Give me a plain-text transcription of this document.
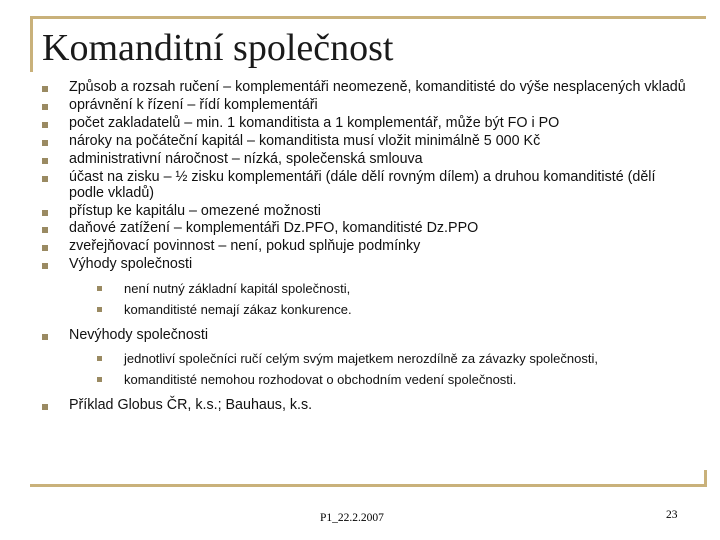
Komanditní společnost
Způsob a rozsah ručení – komplementáři neomezeně, komanditisté do výše nesplacených vkladů
oprávnění k řízení – řídí komplementáři
počet zakladatelů – min. 1 komanditista a 1 komplementář, může být FO i PO
nároky na počáteční kapitál – komanditista musí vložit minimálně 5 000 Kč
administrativní náročnost – nízká, společenská smlouva
účast na zisku – ½ zisku komplementáři (dále dělí rovným dílem) a druhou komanditisté (dělí podle vkladů)
přístup ke kapitálu – omezené možnosti
daňové zatížení – komplementáři Dz.PFO, komanditisté Dz.PPO
zveřejňovací povinnost – není, pokud splňuje podmínky
Výhody společnosti
není nutný základní kapitál společnosti,
komanditisté nemají zákaz konkurence.
Nevýhody společnosti
jednotliví společníci ručí celým svým majetkem nerozdílně za závazky společnosti,
komanditisté nemohou rozhodovat o obchodním vedení společnosti.
Příklad Globus ČR, k.s.; Bauhaus, k.s.
P1_22.2.2007	23
